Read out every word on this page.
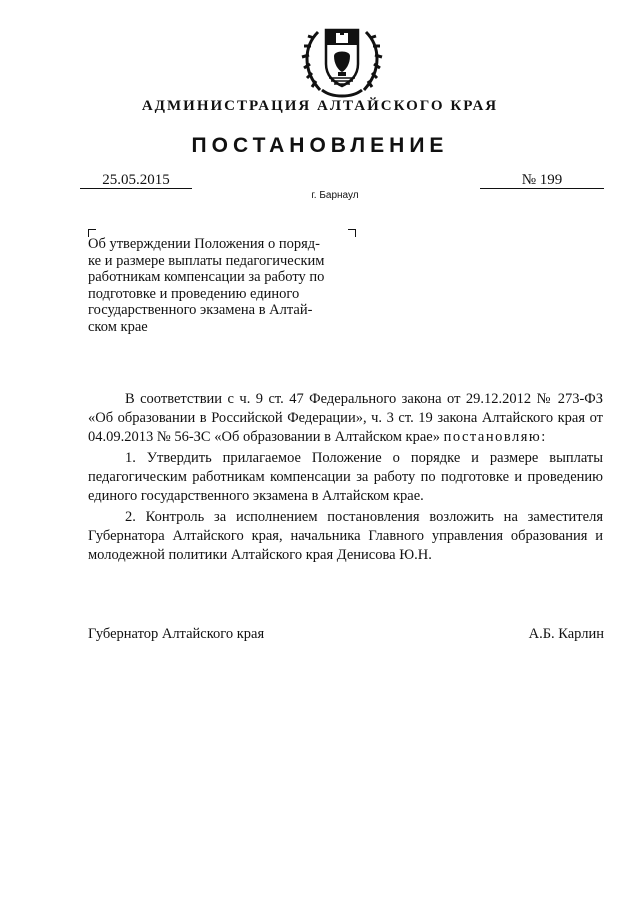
АДМИНИСТРАЦИЯ АЛТАЙСКОГО КРАЯ
ПОСТАНОВЛЕНИЕ
25.05.2015	№ 199
г. Барнаул
Об утверждении Положения о поряд-
ке и размере выплаты педагогическим
работникам компенсации за работу по
подготовке и проведению единого
государственного экзамена в Алтай-
ском крае

В соответствии с ч. 9 ст. 47 Федерального закона от 29.12.2012 № 273-ФЗ «Об образовании в Российской Федерации», ч. 3 ст. 19 закона Алтайского края от 04.09.2013 № 56-ЗС «Об образовании в Алтайском крае» постановляю:

1. Утвердить прилагаемое Положение о порядке и размере выплаты педагогическим работникам компенсации за работу по подготовке и проведению единого государственного экзамена в Алтайском крае.

2. Контроль за исполнением постановления возложить на заместителя Губернатора Алтайского края, начальника Главного управления образования и молодежной политики Алтайского края Денисова Ю.Н.

Губернатор Алтайского края	А.Б. Карлин
